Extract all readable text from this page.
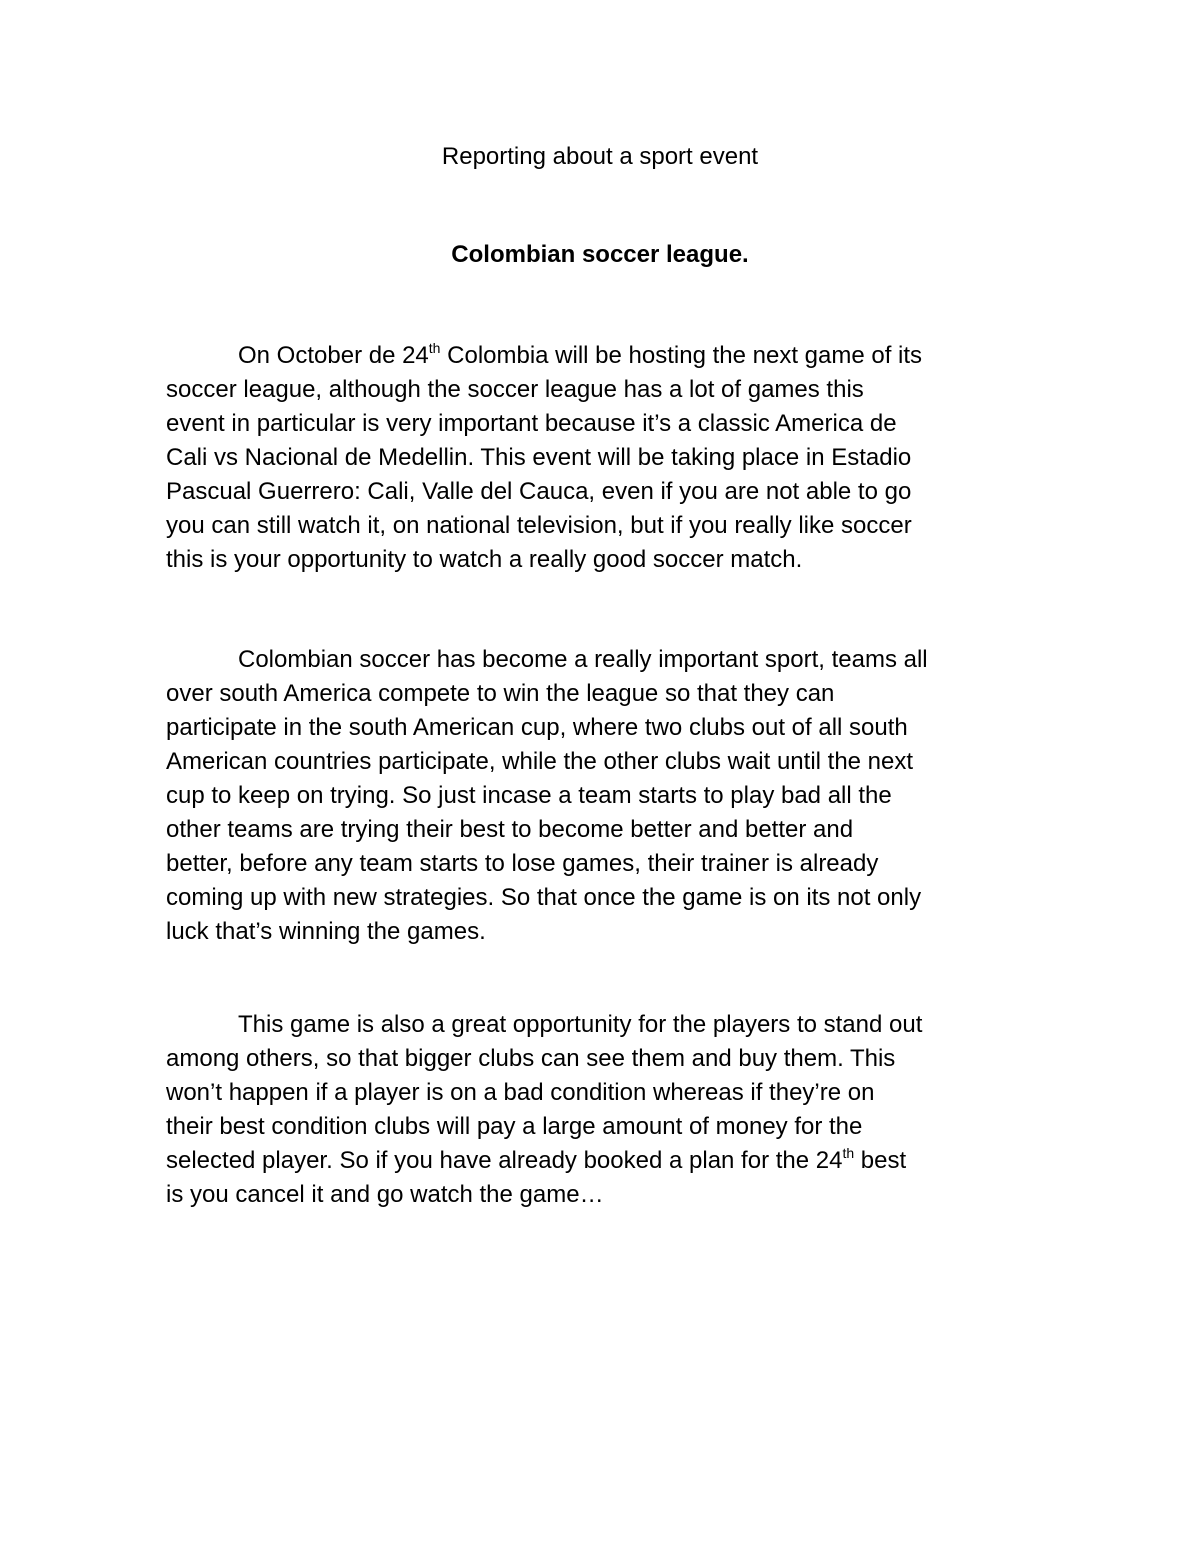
Reporting about a sport event
Colombian soccer league.
On October de 24th Colombia will be hosting the next game of its
soccer league, although the soccer league has a lot of games this
event in particular is very important because it’s a classic America de
Cali vs Nacional de Medellin. This event will be taking place in Estadio
Pascual Guerrero: Cali, Valle del Cauca, even if you are not able to go
you can still watch it, on national television, but if you really like soccer
this is your opportunity to watch a really good soccer match.
Colombian soccer has become a really important sport, teams all
over south America compete to win the league so that they can
participate in the south American cup, where two clubs out of all south
American countries participate, while the other clubs wait until the next
cup to keep on trying. So just incase a team starts to play bad all the
other teams are trying their best to become better and better and
better, before any team starts to lose games, their trainer is already
coming up with new strategies. So that once the game is on its not only
luck that’s winning the games.
This game is also a great opportunity for the players to stand out
among others, so that bigger clubs can see them and buy them. This
won’t happen if a player is on a bad condition whereas if they’re on
their best condition clubs will pay a large amount of money for the
selected player. So if you have already booked a plan for the 24th best
is you cancel it and go watch the game…
